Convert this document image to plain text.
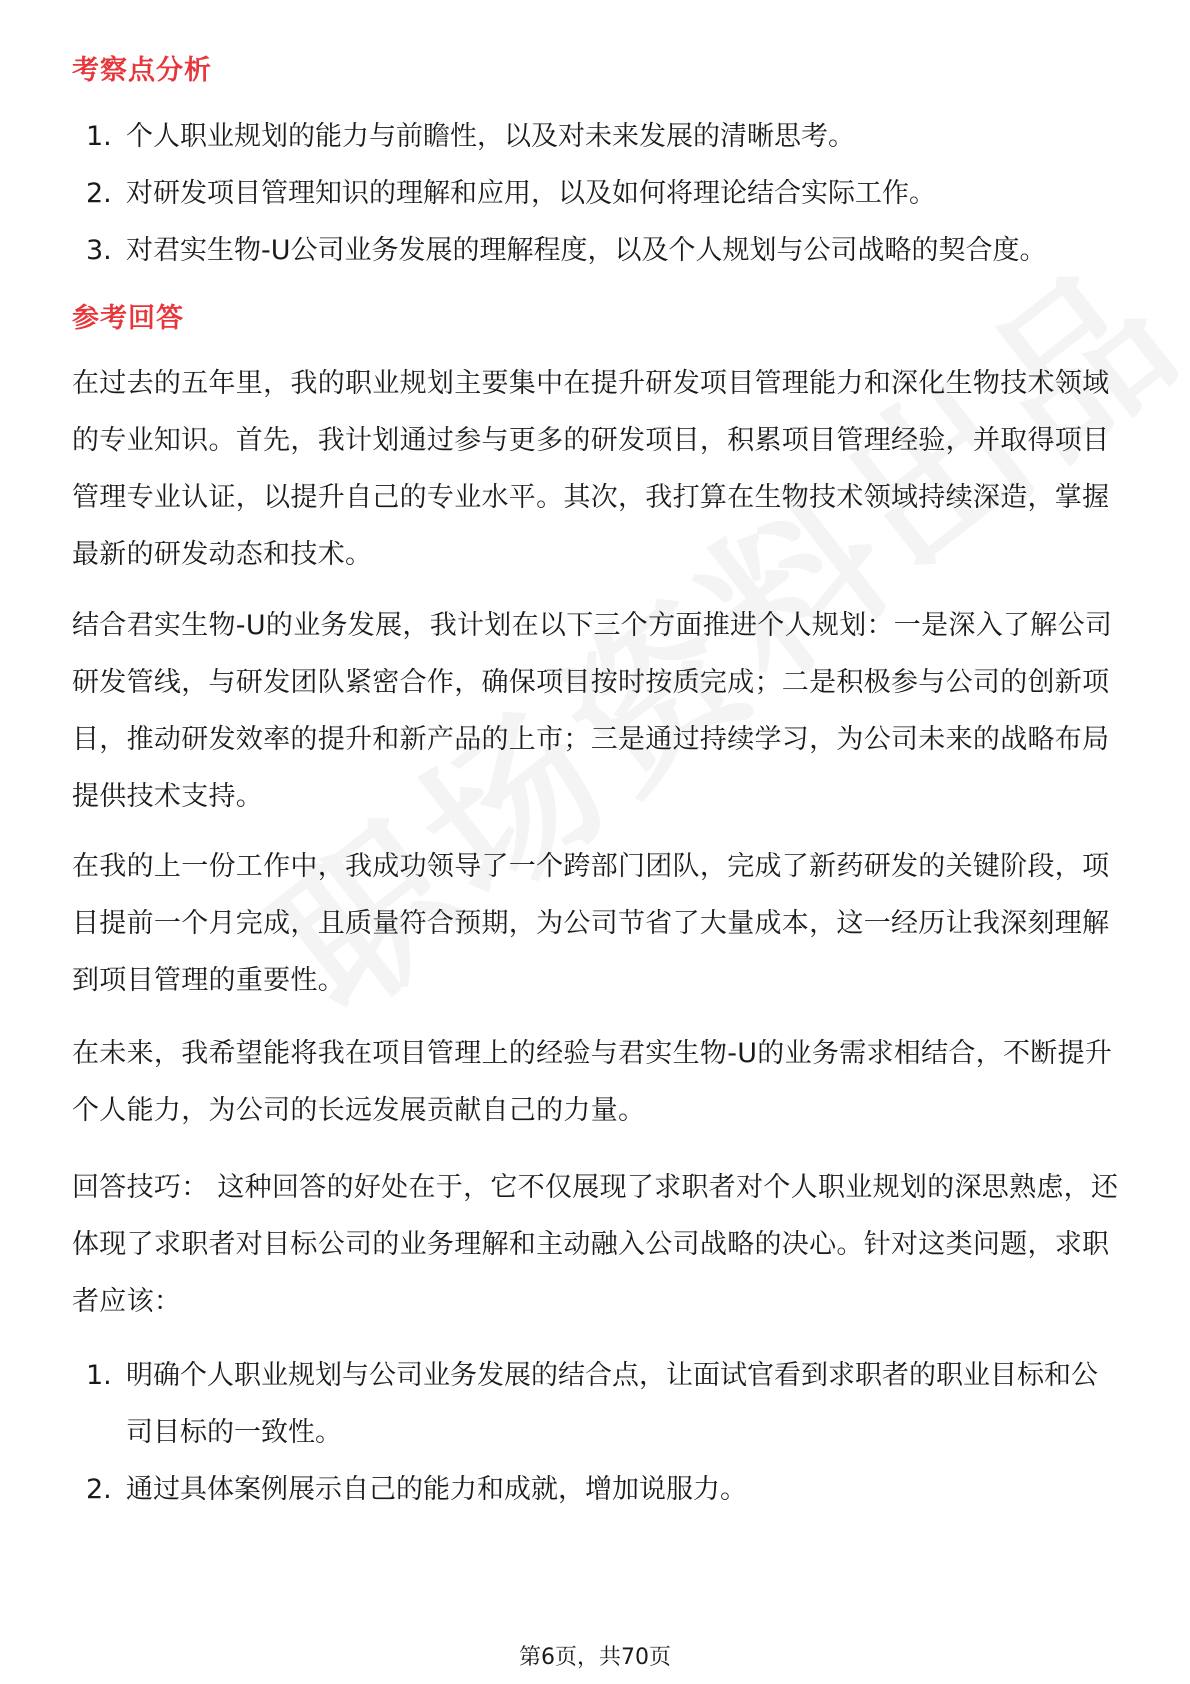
考察点分析
1. 个人职业规划的能力与前瞻性，以及对未来发展的清晰思考。
2. 对研发项目管理知识的理解和应用，以及如何将理论结合实际工作。
3. 对君实生物-U公司业务发展的理解程度，以及个人规划与公司战略的契合度。
参考回答

在过去的五年里，我的职业规划主要集中在提升研发项目管理能力和深化生物技术领域的专业知识。首先，我计划通过参与更多的研发项目，积累项目管理经验，并取得项目管理专业认证，以提升自己的专业水平。其次，我打算在生物技术领域持续深造，掌握最新的研发动态和技术。

结合君实生物-U的业务发展，我计划在以下三个方面推进个人规划：一是深入了解公司研发管线，与研发团队紧密合作，确保项目按时按质完成；二是积极参与公司的创新项目，推动研发效率的提升和新产品的上市；三是通过持续学习，为公司未来的战略布局提供技术支持。

在我的上一份工作中，我成功领导了一个跨部门团队，完成了新药研发的关键阶段，项目提前一个月完成，且质量符合预期，为公司节省了大量成本，这一经历让我深刻理解到项目管理的重要性。

在未来，我希望能将我在项目管理上的经验与君实生物-U的业务需求相结合，不断提升个人能力，为公司的长远发展贡献自己的力量。

回答技巧： 这种回答的好处在于，它不仅展现了求职者对个人职业规划的深思熟虑，还体现了求职者对目标公司的业务理解和主动融入公司战略的决心。针对这类问题，求职者应该：

1. 明确个人职业规划与公司业务发展的结合点，让面试官看到求职者的职业目标和公司目标的一致性。
2. 通过具体案例展示自己的能力和成就，增加说服力。
第6页，共70页
